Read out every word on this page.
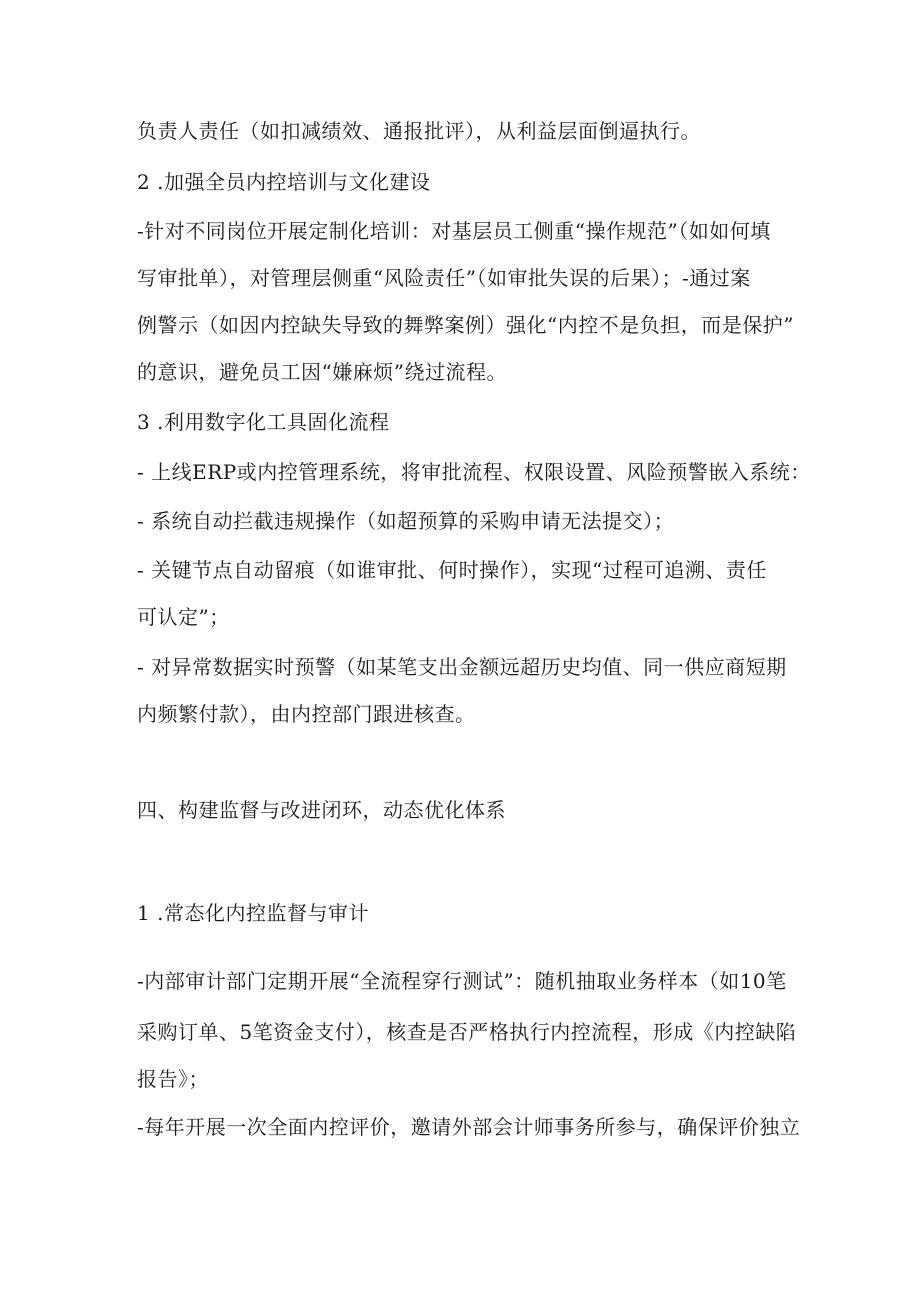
负责人责任（如扣减绩效、通报批评），从利益层面倒逼执行。

2 .加强全员内控培训与文化建设

-针对不同岗位开展定制化培训：对基层员工侧重“操作规范”（如如何填

写审批单），对管理层侧重“风险责任”（如审批失误的后果）；-通过案

例警示（如因内控缺失导致的舞弊案例）强化“内控不是负担，而是保护”

的意识，避免员工因“嫌麻烦”绕过流程。

3 .利用数字化工具固化流程

- 上线ERP或内控管理系统，将审批流程、权限设置、风险预警嵌入系统：

- 系统自动拦截违规操作（如超预算的采购申请无法提交）；

- 关键节点自动留痕（如谁审批、何时操作），实现“过程可追溯、责任

可认定”；

- 对异常数据实时预警（如某笔支出金额远超历史均值、同一供应商短期

内频繁付款），由内控部门跟进核查。

四、构建监督与改进闭环，动态优化体系

1 .常态化内控监督与审计

-内部审计部门定期开展“全流程穿行测试”：随机抽取业务样本（如10笔

采购订单、5笔资金支付），核查是否严格执行内控流程，形成《内控缺陷

报告》；

-每年开展一次全面内控评价，邀请外部会计师事务所参与，确保评价独立
